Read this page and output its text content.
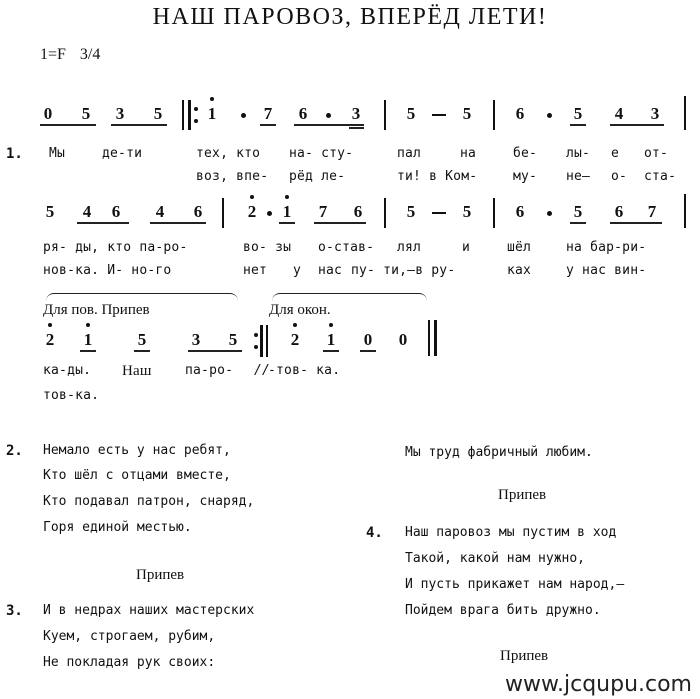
НАШ ПАРОВОЗ, ВПЕРЁД ЛЕТИ!
1=F 3/4
0 5 3 5	1	7 6	3	5	5	6	5 4 3
1. Мы	де-ти	тех, кто на- сту-	пал	на	бе- лы- е от-
воз, впе- рёд ле-	ти! в Ком-	му- не— о- ста-
5 4 6 4 6	2 1 7 6	5	5	6	5 6 7
ря- ды, кто па-ро-	во- зы о-став- лял	и	шёл	на бар-ри-
нов-ка. И- но-го	нет у нас пу- ти,—в ру-	ках	у нас вин-
Для пов. Припев	Для окон.
2 1	5	3 5	2 1 0 0
ка-ды. Наш	па-ро- //
-тов- ка.
тов-ка.
2. Немало есть у нас ребят,
Кто шёл с отцами вместе,
Кто подавал патрон, снаряд,
Горя единой местью.
Припев
3. И в недрах наших мастерских
Куем, строгаем, рубим,
Не покладая рук своих:
Мы труд фабричный любим.
Припев
4. Наш паровоз мы пустим в ход
Такой, какой нам нужно,
И пусть прикажет нам народ,—
Пойдем врага бить дружно.
Припев
www.jcqupu.com
